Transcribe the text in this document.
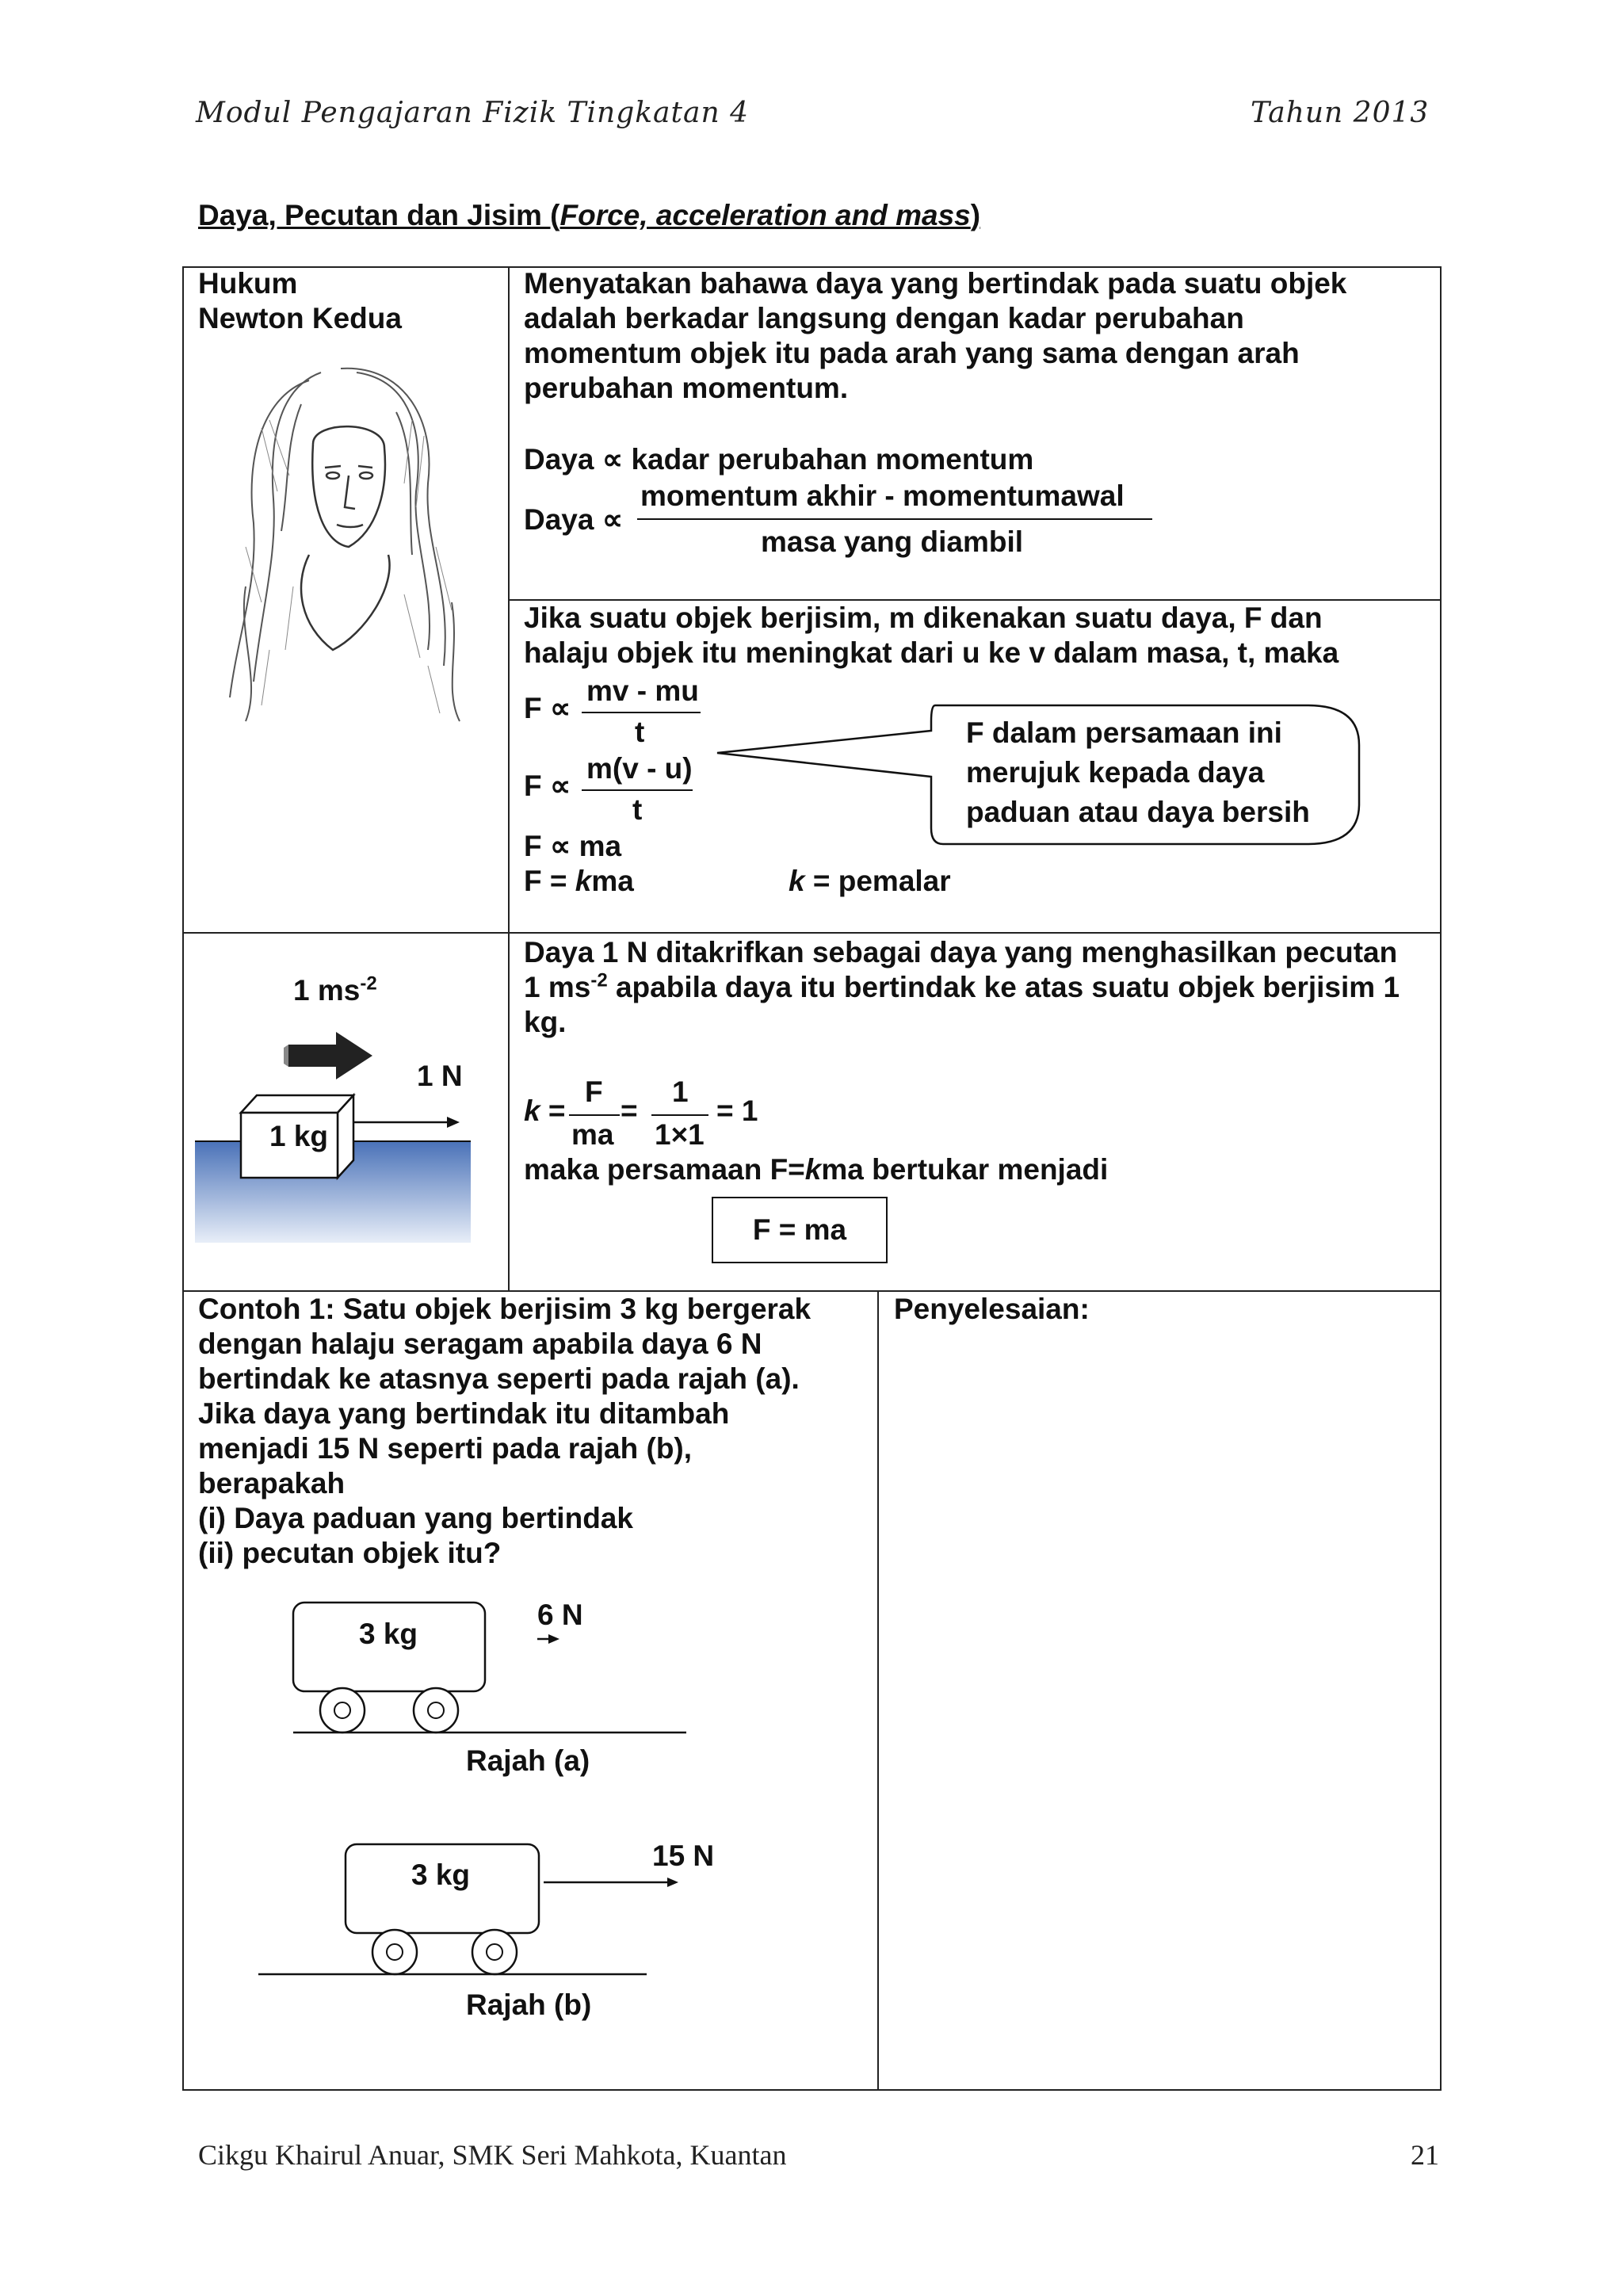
Modul Pengajaran Fizik Tingkatan 4	Tahun 2013
Daya, Pecutan dan Jisim (Force, acceleration and mass)
Hukum
Newton Kedua
Menyatakan bahawa daya yang bertindak pada suatu objek
adalah berkadar langsung dengan kadar perubahan
momentum objek itu pada arah yang sama dengan arah
perubahan momentum.
Daya ∝ kadar perubahan momentum
Daya ∝
momentum akhir - momentumawal
masa yang diambil
Jika suatu objek berjisim, m dikenakan suatu daya, F dan
halaju objek itu meningkat dari u ke v dalam masa, t, maka
F ∝
mv - mu
t
F ∝
m(v - u)
t
F ∝ ma
F = kma	k = pemalar
F dalam persamaan ini
merujuk kepada daya
paduan atau daya bersih
1 $ms^{-2}$
1 N
1 kg
Daya 1 N ditakrifkan sebagai daya yang menghasilkan pecutan
1 $ms^{-2}$ apabila daya itu bertindak ke atas suatu objek berjisim 1
kg.
k =
F
ma
=
1
1×1
= 1
maka persamaan F=kma bertukar menjadi
F = ma
Contoh 1: Satu objek berjisim 3 kg bergerak
dengan halaju seragam apabila daya 6 N
bertindak ke atasnya seperti pada rajah (a).
Jika daya yang bertindak itu ditambah
menjadi 15 N seperti pada rajah (b),
berapakah
(i) Daya paduan yang bertindak
(ii) pecutan objek itu?
Penyelesaian:
3 kg
6 N
Rajah (a)
3 kg
15 N
Rajah (b)
Cikgu Khairul Anuar, SMK Seri Mahkota, Kuantan	21
